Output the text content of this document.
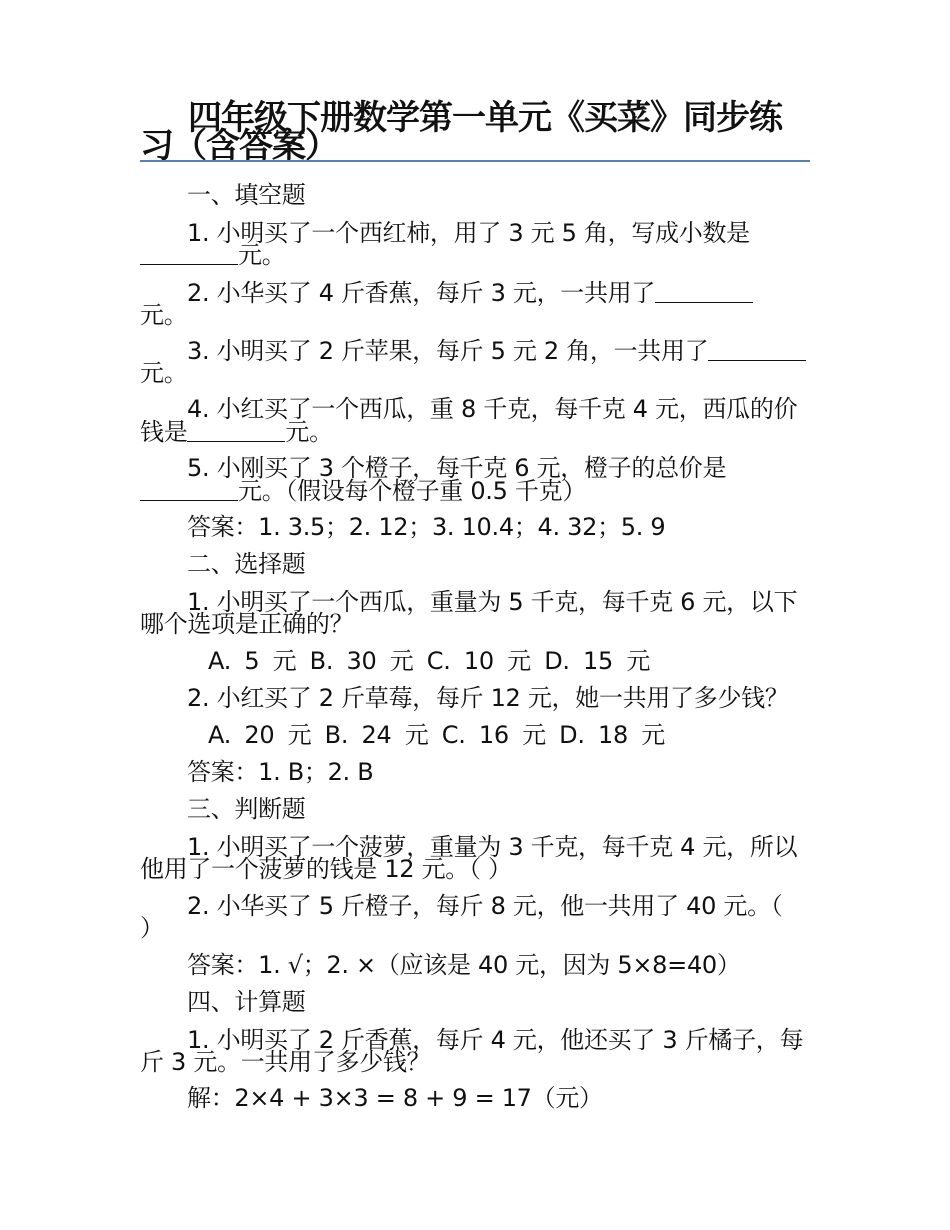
四年级下册数学第一单元《买菜》同步练习（含答案）

一、填空题

1. 小明买了一个西红柿，用了 3 元 5 角，写成小数是

元。

2. 小华买了 4 斤香蕉，每斤 3 元，一共用了

元。

3. 小明买了 2 斤苹果，每斤 5 元 2 角，一共用了

元。

4. 小红买了一个西瓜，重 8 千克，每千克 4 元，西瓜的价

钱是	元。

5. 小刚买了 3 个橙子，每千克 6 元，橙子的总价是

元。（假设每个橙子重 0.5 千克）

答案：1. 3.5；2. 12；3. 10.4；4. 32；5. 9

二、选择题

1. 小明买了一个西瓜，重量为 5 千克，每千克 6 元，以下

哪个选项是正确的？

A. 5 元 B. 30 元 C. 10 元 D. 15 元

2. 小红买了 2 斤草莓，每斤 12 元，她一共用了多少钱？

A. 20 元 B. 24 元 C. 16 元 D. 18 元

答案：1. B；2. B

三、判断题

1. 小明买了一个菠萝，重量为 3 千克，每千克 4 元，所以

他用了一个菠萝的钱是 12 元。（ ）

2. 小华买了 5 斤橙子，每斤 8 元，他一共用了 40 元。（

）

答案：1. √；2. ×（应该是 40 元，因为 5×8=40）

四、计算题

1. 小明买了 2 斤香蕉，每斤 4 元，他还买了 3 斤橘子，每

斤 3 元。一共用了多少钱？

解：2×4 + 3×3 = 8 + 9 = 17（元）
